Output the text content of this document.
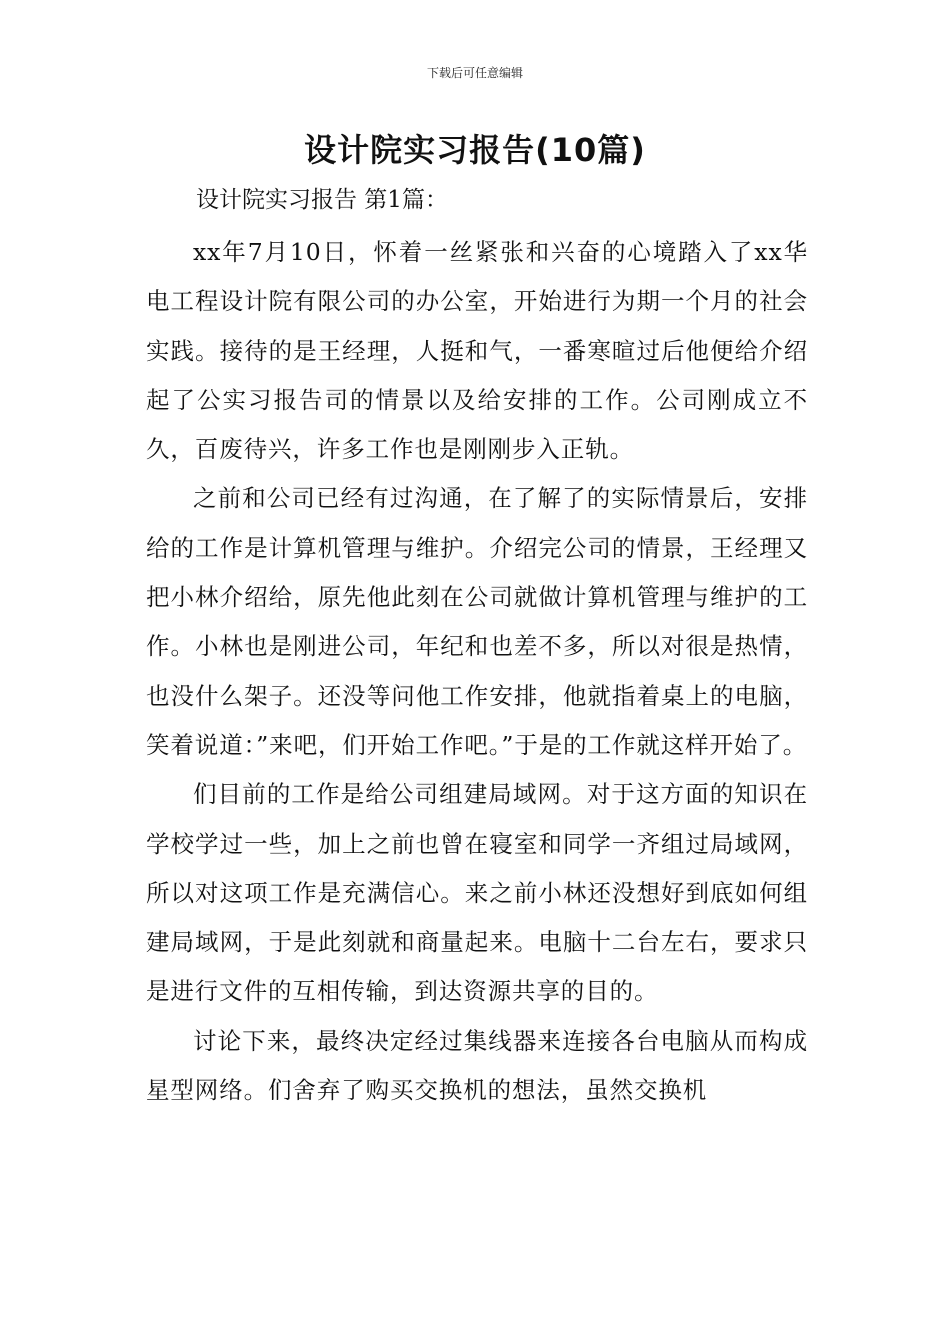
下载后可任意编辑
设计院实习报告(10篇)
设计院实习报告 第1篇：

xx年7月10日，怀着一丝紧张和兴奋的心境踏入了xx华电工程设计院有限公司的办公室，开始进行为期一个月的社会实践。接待的是王经理，人挺和气，一番寒暄过后他便给介绍起了公实习报告司的情景以及给安排的工作。公司刚成立不久，百废待兴，许多工作也是刚刚步入正轨。

之前和公司已经有过沟通，在了解了的实际情景后，安排给的工作是计算机管理与维护。介绍完公司的情景，王经理又把小林介绍给，原先他此刻在公司就做计算机管理与维护的工作。小林也是刚进公司，年纪和也差不多，所以对很是热情，也没什么架子。还没等问他工作安排，他就指着桌上的电脑，笑着说道：”来吧，们开始工作吧。”于是的工作就这样开始了。

们目前的工作是给公司组建局域网。对于这方面的知识在学校学过一些，加上之前也曾在寝室和同学一齐组过局域网，所以对这项工作是充满信心。来之前小林还没想好到底如何组建局域网，于是此刻就和商量起来。电脑十二台左右，要求只是进行文件的互相传输，到达资源共享的目的。

讨论下来，最终决定经过集线器来连接各台电脑从而构成星型网络。们舍弃了购买交换机的想法，虽然交换机
